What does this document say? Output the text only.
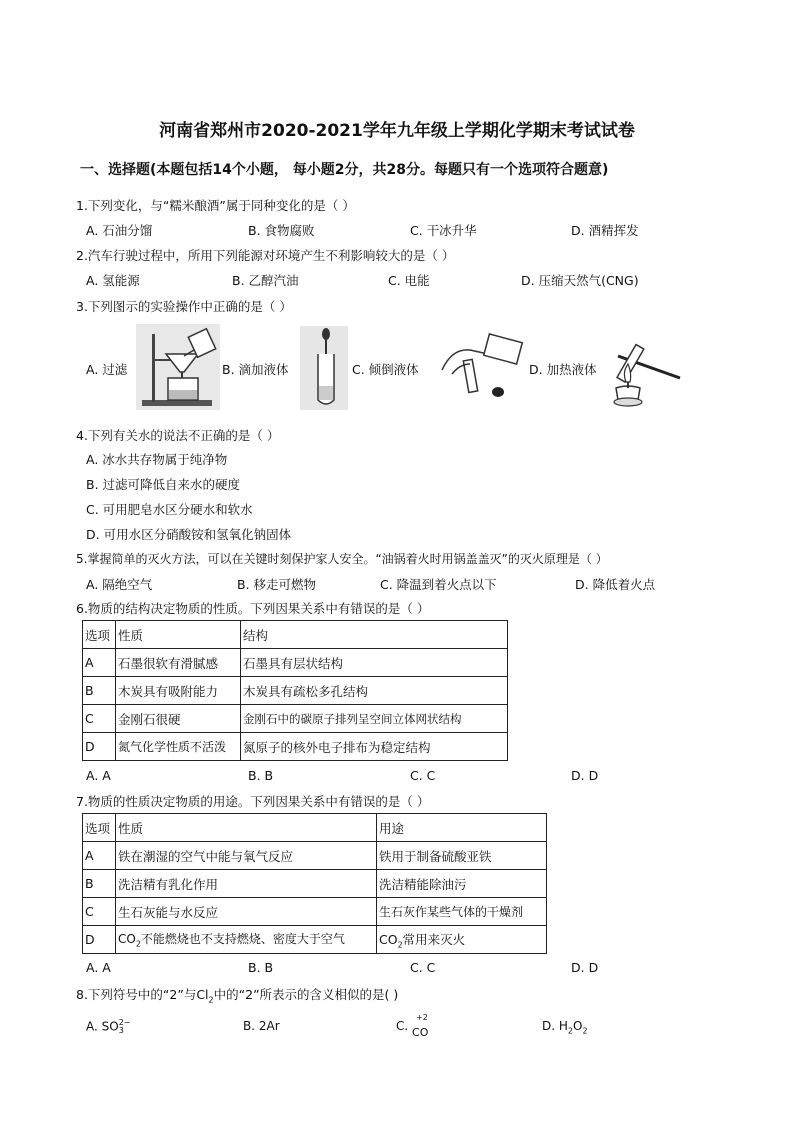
河南省郑州市2020-2021学年九年级上学期化学期末考试试卷
一、选择题(本题包括14个小题， 每小题2分，共28分。每题只有一个选项符合题意)
1.下列变化，与“糯米酿酒”属于同种变化的是（ ）
A. 石油分馏	B. 食物腐败	C. 干冰升华	D. 酒精挥发
2.汽车行驶过程中，所用下列能源对环境产生不利影响较大的是（ ）
A. 氢能源	B. 乙醇汽油	C. 电能	D. 压缩天然气(CNG)
3.下列图示的实验操作中正确的是（ ）
A. 过滤	B. 滴加液体	C. 倾倒液体	D. 加热液体
4.下列有关水的说法不正确的是（ ）
A. 冰水共存物属于纯净物
B. 过滤可降低自来水的硬度
C. 可用肥皂水区分硬水和软水
D. 可用水区分硝酸铵和氢氧化钠固体
5.掌握简单的灭火方法，可以在关键时刻保护家人安全。“油锅着火时用锅盖盖灭”的灭火原理是（ ）
A. 隔绝空气	B. 移走可燃物	C. 降温到着火点以下	D. 降低着火点
6.物质的结构决定物质的性质。下列因果关系中有错误的是（ ）
选项	性质	结构
A	石墨很软有滑腻感	石墨具有层状结构
B	木炭具有吸附能力	木炭具有疏松多孔结构
C	金刚石很硬	金刚石中的碳原子排列呈空间立体网状结构
D	氮气化学性质不活泼	氮原子的核外电子排布为稳定结构
A. A	B. B	C. C	D. D
7.物质的性质决定物质的用途。下列因果关系中有错误的是（ ）
选项	性质	用途
A	铁在潮湿的空气中能与氧气反应	铁用于制备硫酸亚铁
B	洗洁精有乳化作用	洗洁精能除油污
C	生石灰能与水反应	生石灰作某些气体的干燥剂
D	$CO_2$不能燃烧也不支持燃烧、密度大于空气	$CO_2$常用来灭火
A. A	B. B	C. C	D. D
8.下列符号中的“2”与$Cl_2$中的“2”所表示的含义相似的是( )
A. SO 2−
3	B. 2Ar	C.
+2
CO	D. $H_2O_2$
